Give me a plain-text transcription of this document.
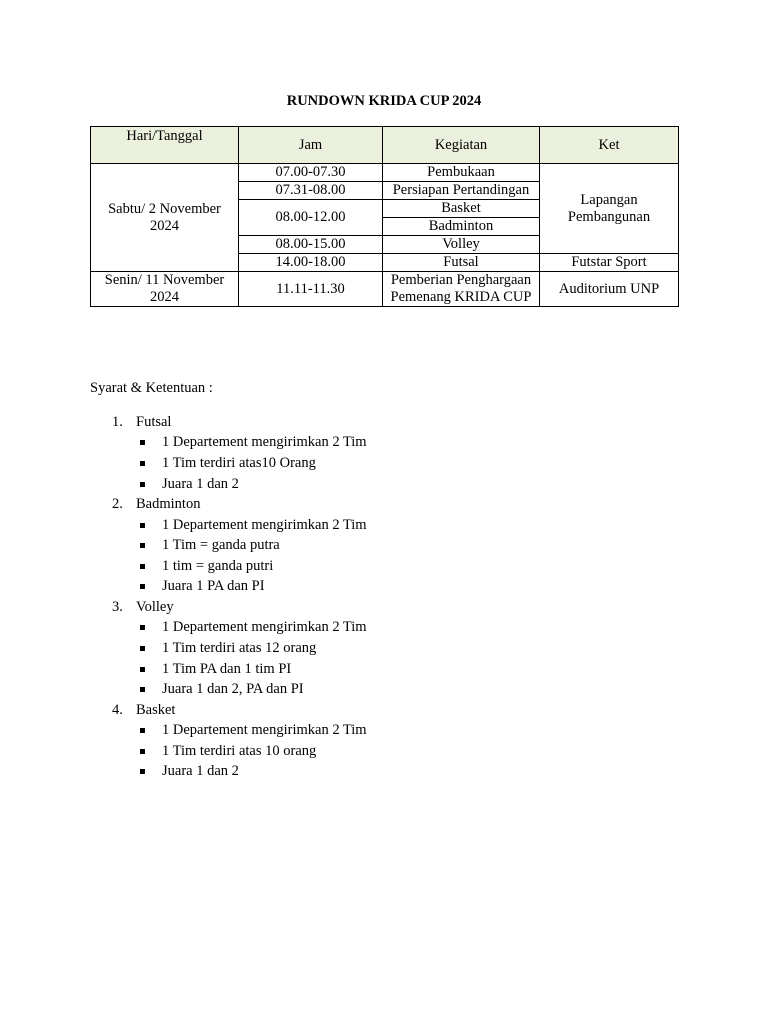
RUNDOWN KRIDA CUP 2024
Hari/Tanggal	Jam	Kegiatan	Ket
Sabtu/ 2 November 2024	07.00-07.30	Pembukaan	Lapangan Pembangunan
	07.31-08.00	Persiapan Pertandingan	
	08.00-12.00	Basket	
		Badminton	
	08.00-15.00	Volley	
	14.00-18.00	Futsal	Futstar Sport
Senin/ 11 November 2024	11.11-11.30	Pemberian Penghargaan Pemenang KRIDA CUP	Auditorium UNP
Syarat & Ketentuan :
1. Futsal
1 Departement mengirimkan 2 Tim
1 Tim terdiri atas10 Orang
Juara 1 dan 2
2. Badminton
1 Departement mengirimkan 2 Tim
1 Tim = ganda putra
1 tim = ganda putri
Juara 1 PA dan PI
3. Volley
1 Departement mengirimkan 2 Tim
1 Tim terdiri atas 12 orang
1 Tim PA dan 1 tim PI
Juara 1 dan 2, PA dan PI
4. Basket
1 Departement mengirimkan 2 Tim
1 Tim terdiri atas 10 orang
Juara 1 dan 2
